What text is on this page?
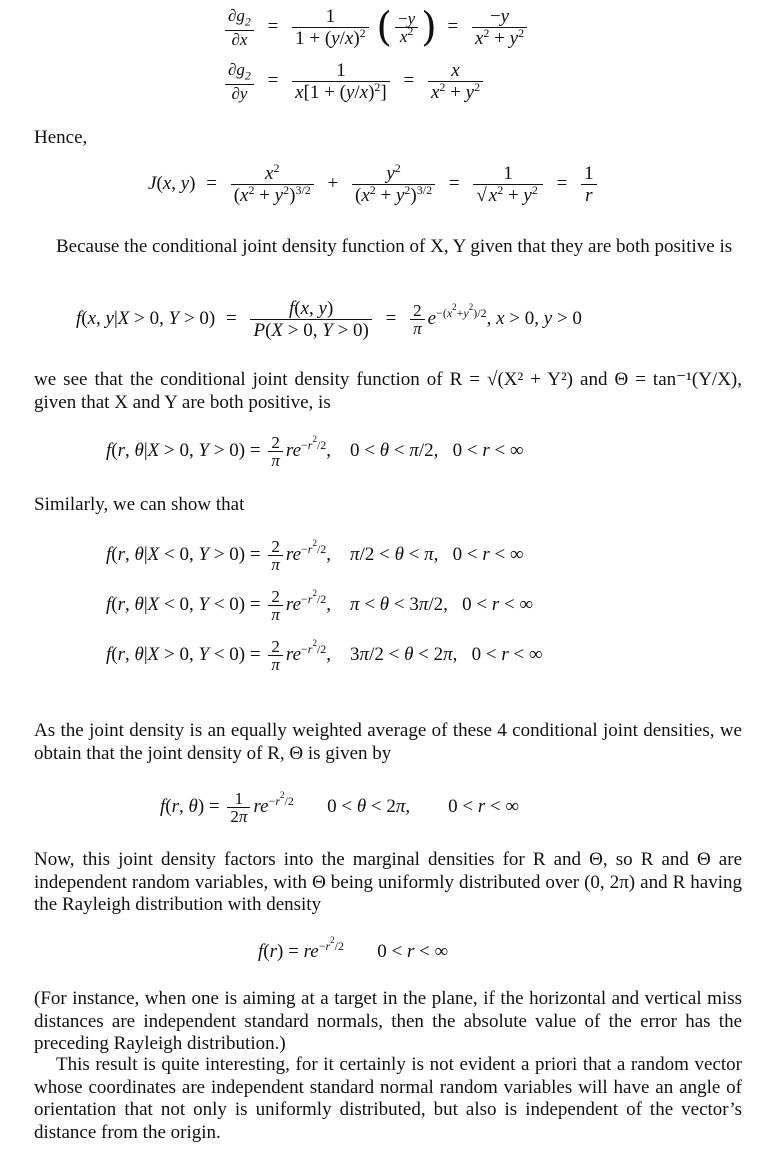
$\frac{\partial g_2}{\partial x} = \frac{1}{1 + (y/x)^2}$ ( $\frac{-y}{x^2}$ ) = $\frac{-y}{x^2 + y^2}$
$\frac{\partial g_2}{\partial y} = \frac{1}{x[1 + (y/x)^2]} = \frac{x}{x^2 + y^2}$
Hence,
J(x, $y) = \frac{x^2}{(x^2 + y^2)^{3/2}} + \frac{y^2}{(x^2 + y^2)^{3/2}} = \frac{1}{√ x^2 + y^2} = \frac{1}{r}$
Because the conditional joint density function of X, Y given that they are both positive is
f(x, y|X > 0, $Y > 0) = \frac{f(x, y)}{P(X > 0, Y > 0)} = \frac{2}{\pi} e^{-(x^2+y^2)/2}$, x > 0, y > 0
we see that the conditional joint density function of R = √(X² + Y²) and Θ = tan⁻¹(Y/X), given that X and Y are both positive, is
f(r, θ|X > 0, $Y > 0) = \frac{2}{\pi} re^{-r^2/2}$,    0 < θ < π/2,   0 < r < ∞
Similarly, we can show that
f(r, θ|X < 0, $Y > 0) = \frac{2}{\pi} re^{-r^2/2}$,    π/2 < θ < π,   0 < r < ∞
f(r, θ|X < 0, $Y < 0) = \frac{2}{\pi} re^{-r^2/2}$,    π < θ < 3π/2,   0 < r < ∞
f(r, θ|X > 0, $Y < 0) = \frac{2}{\pi} re^{-r^2/2}$,    3π/2 < θ < 2π,   0 < r < ∞
As the joint density is an equally weighted average of these 4 conditional joint densities, we obtain that the joint density of R, Θ is given by
f(r, $\theta) = \frac{1}{2\pi} re^{-r^2/2}$       0 < θ < 2π,        0 < r < ∞
Now, this joint density factors into the marginal densities for R and Θ, so R and Θ are independent random variables, with Θ being uniformly distributed over (0, 2π) and R having the Rayleigh distribution with density
$f(r) = re^{-r^2/2}$       0 < r < ∞
(For instance, when one is aiming at a target in the plane, if the horizontal and vertical miss distances are independent standard normals, then the absolute value of the error has the preceding Rayleigh distribution.)
This result is quite interesting, for it certainly is not evident a priori that a random vector whose coordinates are independent standard normal random variables will have an angle of orientation that not only is uniformly distributed, but also is independent of the vector’s distance from the origin.
